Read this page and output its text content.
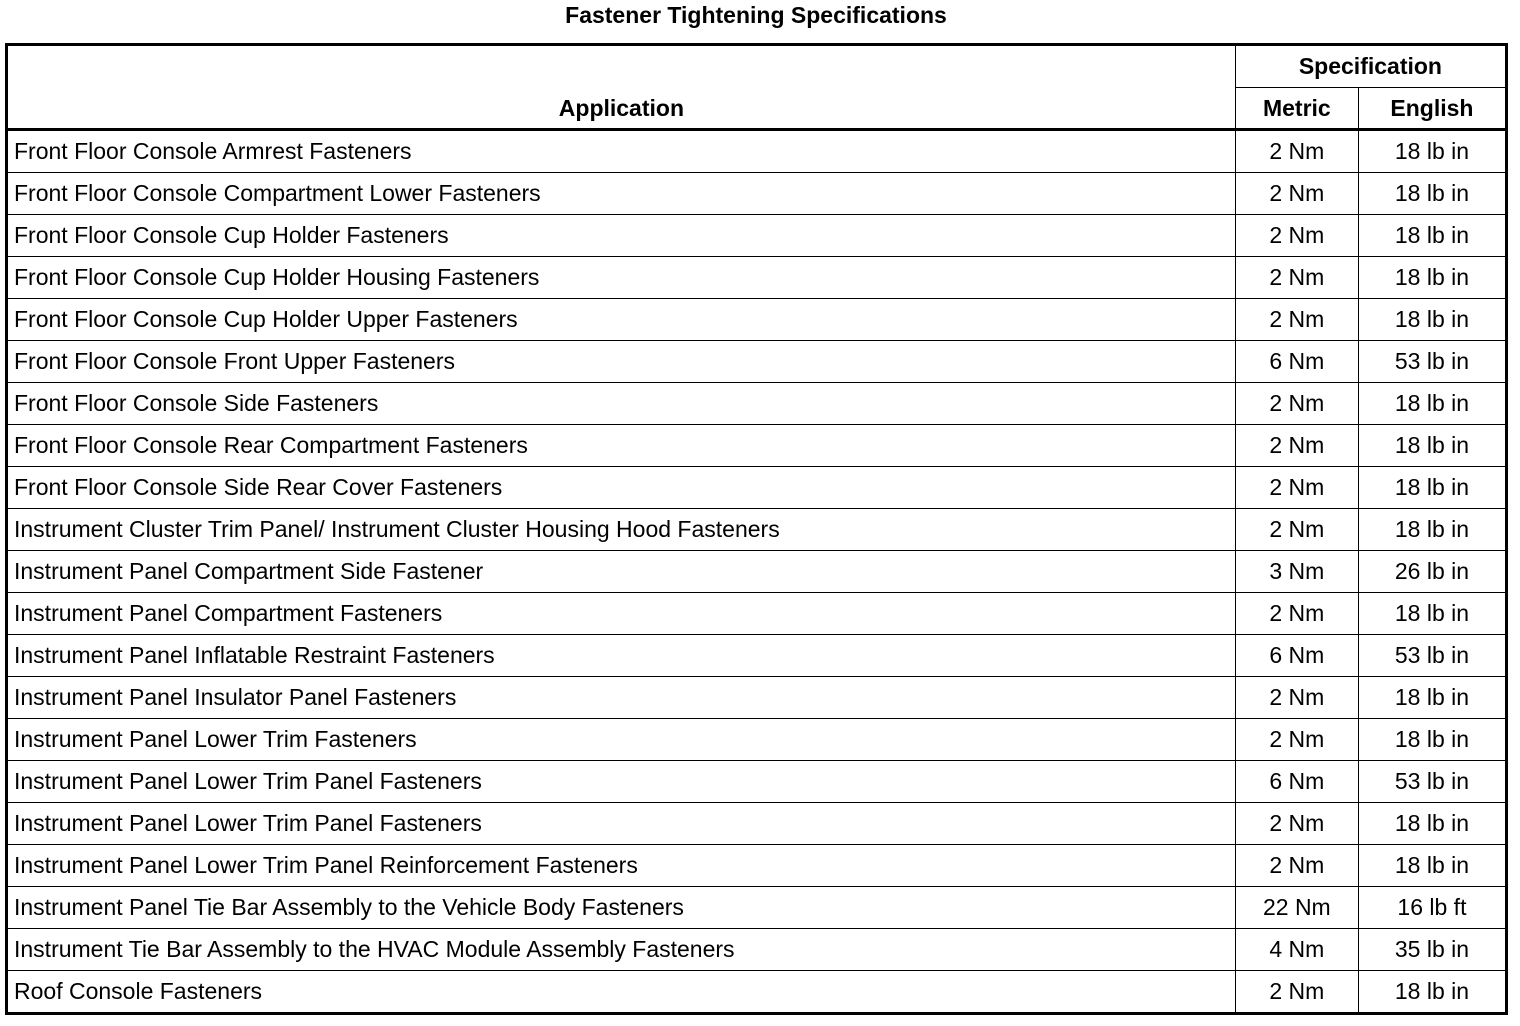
Fastener Tightening Specifications
Application	Specification	
	Metric	English
Front Floor Console Armrest Fasteners	2 Nm	18 lb in
Front Floor Console Compartment Lower Fasteners	2 Nm	18 lb in
Front Floor Console Cup Holder Fasteners	2 Nm	18 lb in
Front Floor Console Cup Holder Housing Fasteners	2 Nm	18 lb in
Front Floor Console Cup Holder Upper Fasteners	2 Nm	18 lb in
Front Floor Console Front Upper Fasteners	6 Nm	53 lb in
Front Floor Console Side Fasteners	2 Nm	18 lb in
Front Floor Console Rear Compartment Fasteners	2 Nm	18 lb in
Front Floor Console Side Rear Cover Fasteners	2 Nm	18 lb in
Instrument Cluster Trim Panel/ Instrument Cluster Housing Hood Fasteners	2 Nm	18 lb in
Instrument Panel Compartment Side Fastener	3 Nm	26 lb in
Instrument Panel Compartment Fasteners	2 Nm	18 lb in
Instrument Panel Inflatable Restraint Fasteners	6 Nm	53 lb in
Instrument Panel Insulator Panel Fasteners	2 Nm	18 lb in
Instrument Panel Lower Trim Fasteners	2 Nm	18 lb in
Instrument Panel Lower Trim Panel Fasteners	6 Nm	53 lb in
Instrument Panel Lower Trim Panel Fasteners	2 Nm	18 lb in
Instrument Panel Lower Trim Panel Reinforcement Fasteners	2 Nm	18 lb in
Instrument Panel Tie Bar Assembly to the Vehicle Body Fasteners	22 Nm	16 lb ft
Instrument Tie Bar Assembly to the HVAC Module Assembly Fasteners	4 Nm	35 lb in
Roof Console Fasteners	2 Nm	18 lb in
